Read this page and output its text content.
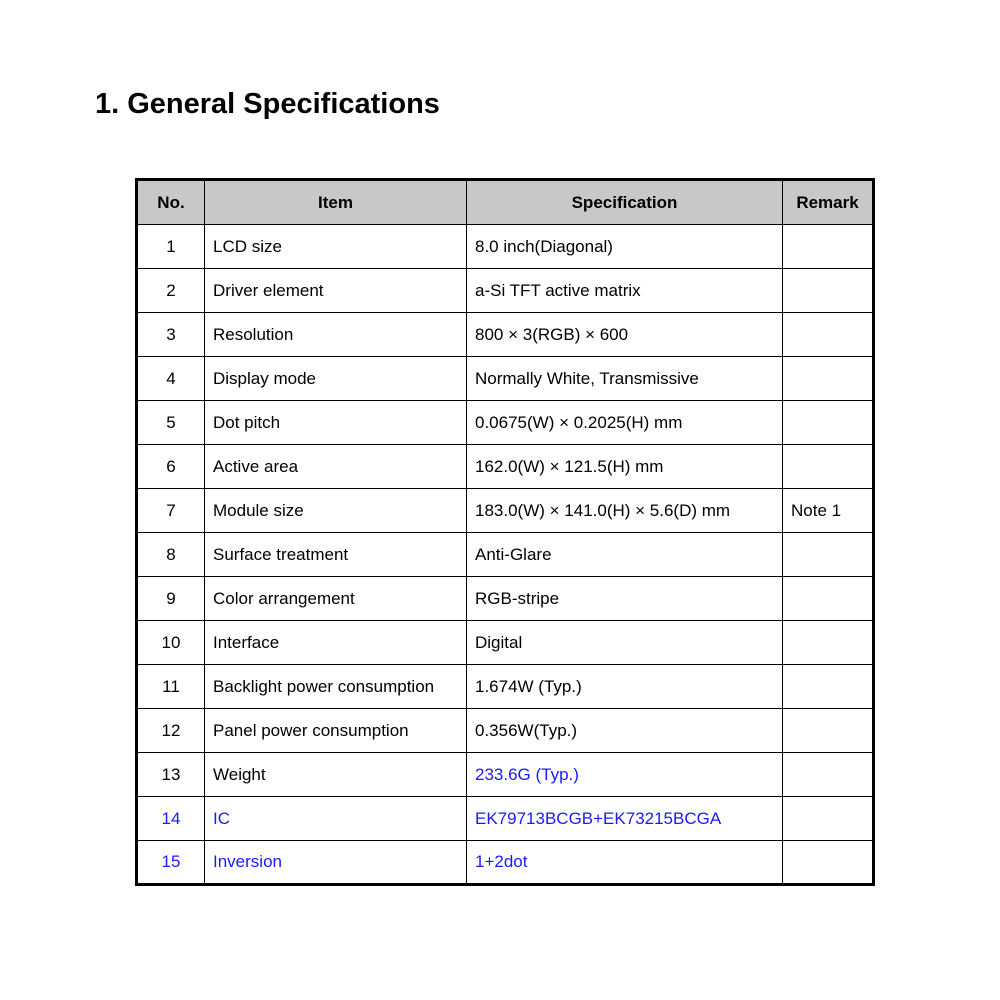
1. General Specifications
No.	Item	Specification	Remark
1	LCD size	8.0 inch(Diagonal)	
2	Driver element	a-Si TFT active matrix	
3	Resolution	800 × 3(RGB) × 600	
4	Display mode	Normally White, Transmissive	
5	Dot pitch	0.0675(W) × 0.2025(H) mm	
6	Active area	162.0(W) × 121.5(H) mm	
7	Module size	183.0(W) × 141.0(H) × 5.6(D) mm	Note 1
8	Surface treatment	Anti-Glare	
9	Color arrangement	RGB-stripe	
10	Interface	Digital	
11	Backlight power consumption	1.674W (Typ.)	
12	Panel power consumption	0.356W(Typ.)	
13	Weight	233.6G (Typ.)	
14	IC	EK79713BCGB+EK73215BCGA	
15	Inversion	1+2dot	
